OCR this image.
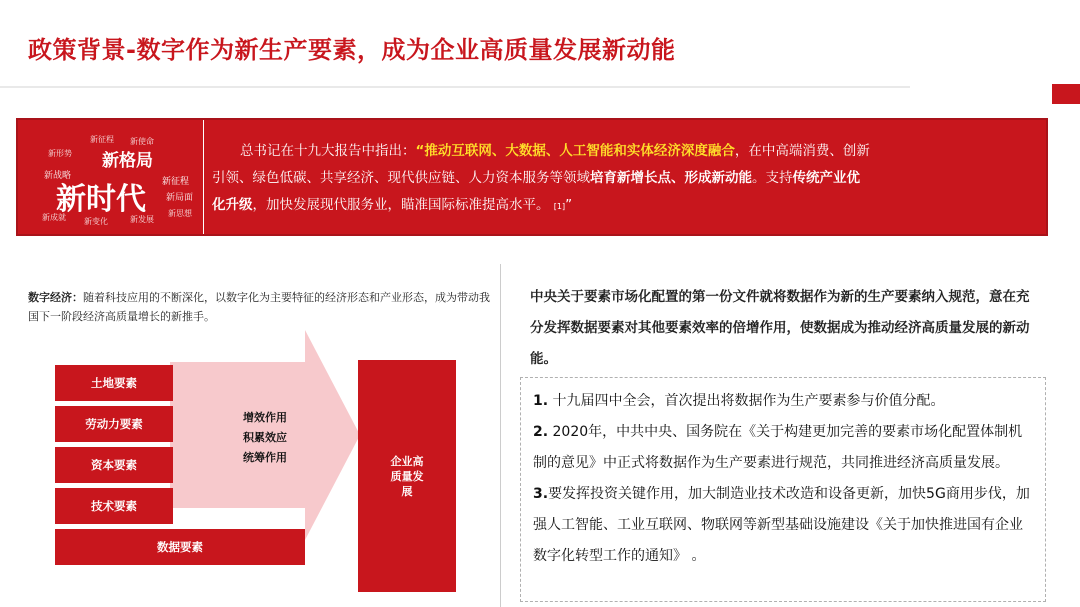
政策背景-数字作为新生产要素，成为企业高质量发展新动能
新形势
新征程 新使命
新战略
新格局
新时代 新征程
新局面
新成就 新变化	新发展
新思想
总书记在十九大报告中指出：“推动互联网、大数据、人工智能和实体经济深度融合，在中高端消费、创新引领、绿色低碳、共享经济、现代供应链、人力资本服务等领域培育新增长点、形成新动能。支持传统产业优化升级，加快发展现代服务业，瞄准国际标准提高水平。 [1]”
数字经济：随着科技应用的不断深化，以数字化为主要特征的经济形态和产业形态，成为带动我国下一阶段经济高质量增长的新推手。
土地要素
劳动力要素
资本要素
技术要素
数据要素
增效作用
积累效应
统筹作用	企业高质量发展
中央关于要素市场化配置的第一份文件就将数据作为新的生产要素纳入规范，意在充分发挥数据要素对其他要素效率的倍增作用，使数据成为推动经济高质量发展的新动能。

1. 十九届四中全会，首次提出将数据作为生产要素参与价值分配。

2. 2020年，中共中央、国务院在《关于构建更加完善的要素市场化配置体制机制的意见》中正式将数据作为生产要素进行规范，共同推进经济高质量发展。

3.要发挥投资关键作用，加大制造业技术改造和设备更新，加快5G商用步伐，加强人工智能、工业互联网、物联网等新型基础设施建设《关于加快推进国有企业数字化转型工作的通知》 。
